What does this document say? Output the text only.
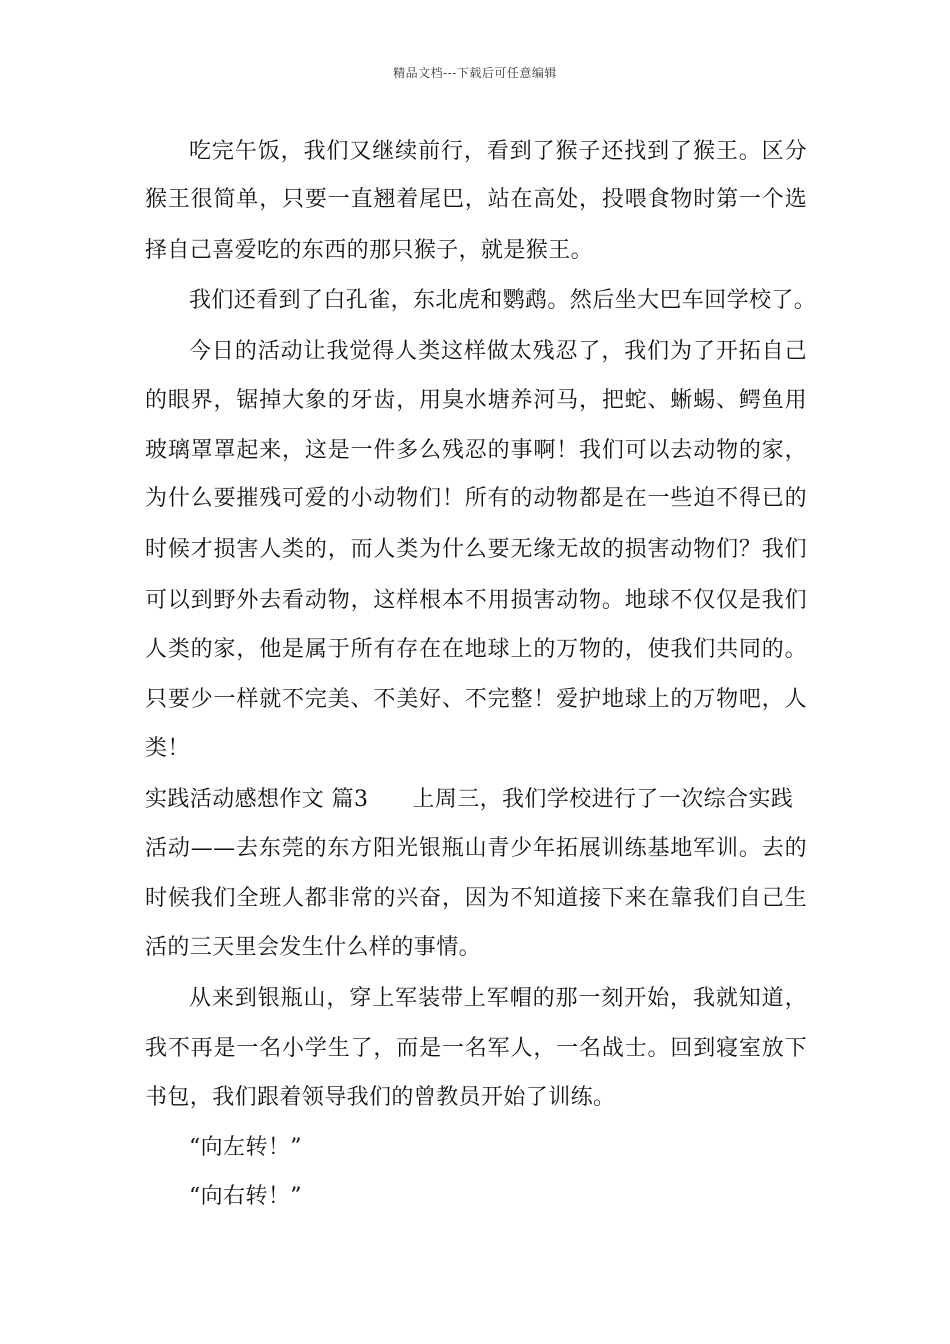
精品文档---下载后可任意编辑
吃完午饭，我们又继续前行，看到了猴子还找到了猴王。区分
猴王很简单，只要一直翘着尾巴，站在高处，投喂食物时第一个选
择自己喜爱吃的东西的那只猴子，就是猴王。
我们还看到了白孔雀，东北虎和鹦鹉。然后坐大巴车回学校了。
今日的活动让我觉得人类这样做太残忍了，我们为了开拓自己
的眼界，锯掉大象的牙齿，用臭水塘养河马，把蛇、蜥蜴、鳄鱼用
玻璃罩罩起来，这是一件多么残忍的事啊！我们可以去动物的家，
为什么要摧残可爱的小动物们！所有的动物都是在一些迫不得已的
时候才损害人类的，而人类为什么要无缘无故的损害动物们？我们
可以到野外去看动物，这样根本不用损害动物。地球不仅仅是我们
人类的家，他是属于所有存在在地球上的万物的，使我们共同的。
只要少一样就不完美、不美好、不完整！爱护地球上的万物吧，人
类！
实践活动感想作文 篇3 上周三，我们学校进行了一次综合实践
活动——去东莞的东方阳光银瓶山青少年拓展训练基地军训。去的
时候我们全班人都非常的兴奋，因为不知道接下来在靠我们自己生
活的三天里会发生什么样的事情。
从来到银瓶山，穿上军装带上军帽的那一刻开始，我就知道，
我不再是一名小学生了，而是一名军人，一名战士。回到寝室放下
书包，我们跟着领导我们的曾教员开始了训练。
“向左转！”
“向右转！”
